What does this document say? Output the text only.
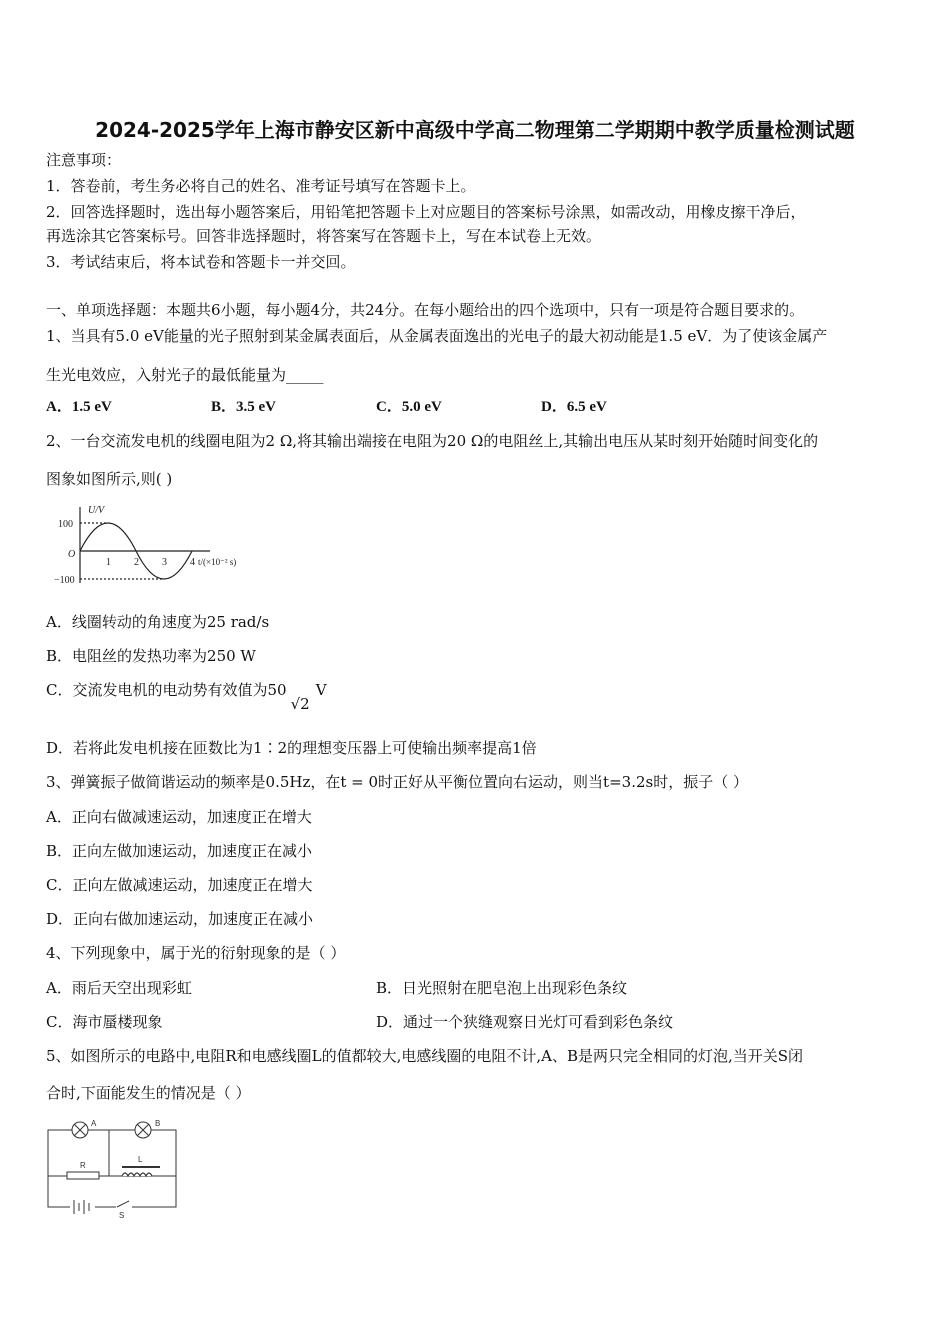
2024-2025学年上海市静安区新中高级中学高二物理第二学期期中教学质量检测试题
注意事项：
1．答卷前，考生务必将自己的姓名、准考证号填写在答题卡上。
2．回答选择题时，选出每小题答案后，用铅笔把答题卡上对应题目的答案标号涂黑，如需改动，用橡皮擦干净后，
再选涂其它答案标号。回答非选择题时，将答案写在答题卡上，写在本试卷上无效。
3．考试结束后，将本试卷和答题卡一并交回。
一、单项选择题：本题共6小题，每小题4分，共24分。在每小题给出的四个选项中，只有一项是符合题目要求的。
1、当具有5.0 eV能量的光子照射到某金属表面后，从金属表面逸出的光电子的最大初动能是1.5 eV．为了使该金属产
生光电效应，入射光子的最低能量为_____
A．1.5 eV	B．3.5 eV	C．5.0 eV	D．6.5 eV
2、一台交流发电机的线圈电阻为2 Ω,将其输出端接在电阻为20 Ω的电阻丝上,其输出电压从某时刻开始随时间变化的
图象如图所示,则( )
U/V
100
O
−100
1 2 3 4 t/(×10⁻² s)
A．线圈转动的角速度为25 rad/s
B．电阻丝的发热功率为250 W
C．交流发电机的电动势有效值为50√2V
D．若将此发电机接在匝数比为1∶2的理想变压器上可使输出频率提高1倍
3、弹簧振子做简谐运动的频率是0.5Hz，在t = 0时正好从平衡位置向右运动，则当t=3.2s时，振子（ ）
A．正向右做减速运动，加速度正在增大
B．正向左做加速运动，加速度正在减小
C．正向左做减速运动，加速度正在增大
D．正向右做加速运动，加速度正在减小
4、下列现象中，属于光的衍射现象的是（ ）
A．雨后天空出现彩虹	B．日光照射在肥皂泡上出现彩色条纹
C．海市蜃楼现象	D．通过一个狭缝观察日光灯可看到彩色条纹
5、如图所示的电路中,电阻R和电感线圈L的值都较大,电感线圈的电阻不计,A、B是两只完全相同的灯泡,当开关S闭
合时,下面能发生的情况是（ ）
A	B
R
L
S
